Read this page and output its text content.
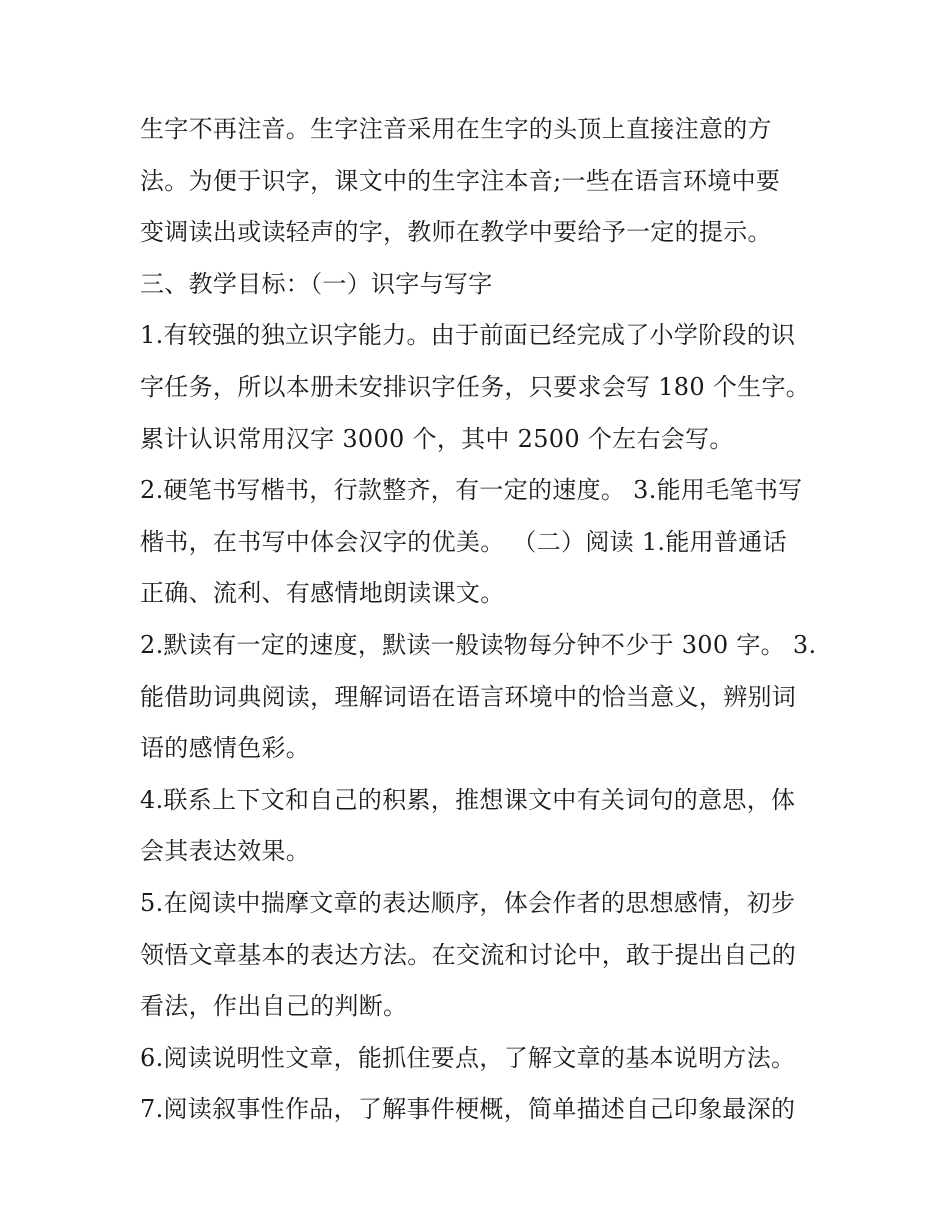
生字不再注音。生字注音采用在生字的头顶上直接注意的方
法。为便于识字，课文中的生字注本音;一些在语言环境中要
变调读出或读轻声的字，教师在教学中要给予一定的提示。
三、教学目标：（一）识字与写字
1.有较强的独立识字能力。由于前面已经完成了小学阶段的识
字任务，所以本册未安排识字任务，只要求会写 180 个生字。
累计认识常用汉字 3000 个，其中 2500 个左右会写。
2.硬笔书写楷书，行款整齐，有一定的速度。 3.能用毛笔书写
楷书，在书写中体会汉字的优美。 （二）阅读 1.能用普通话
正确、流利、有感情地朗读课文。
2.默读有一定的速度，默读一般读物每分钟不少于 300 字。 3.
能借助词典阅读，理解词语在语言环境中的恰当意义，辨别词
语的感情色彩。
4.联系上下文和自己的积累，推想课文中有关词句的意思，体
会其表达效果。
5.在阅读中揣摩文章的表达顺序，体会作者的思想感情，初步
领悟文章基本的表达方法。在交流和讨论中，敢于提出自己的
看法，作出自己的判断。
6.阅读说明性文章，能抓住要点，了解文章的基本说明方法。
7.阅读叙事性作品，了解事件梗概，简单描述自己印象最深的
